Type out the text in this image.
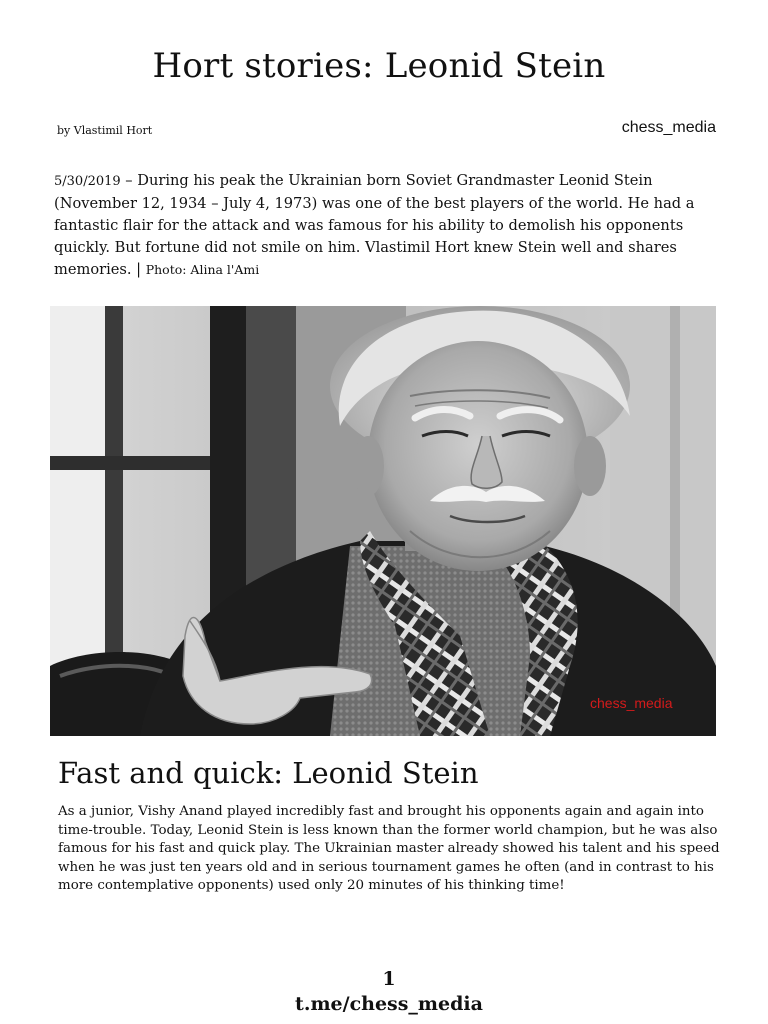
Hort stories: Leonid Stein
by Vlastimil Hort	chess_media

5/30/2019 – During his peak the Ukrainian born Soviet Grandmaster Leonid Stein (November 12, 1934 – July 4, 1973) was one of the best players of the world. He had a fantastic flair for the attack and was famous for his ability to demolish his opponents quickly. But fortune did not smile on him. Vlastimil Hort knew Stein well and shares memories. | Photo: Alina l'Ami

chess_media
Fast and quick: Leonid Stein

As a junior, Vishy Anand played incredibly fast and brought his opponents again and again into time-trouble. Today, Leonid Stein is less known than the former world champion, but he was also famous for his fast and quick play. The Ukrainian master already showed his talent and his speed when he was just ten years old and in serious tournament games he often (and in contrast to his more contemplative opponents) used only 20 minutes of his thinking time!

1
t.me/chess_media
